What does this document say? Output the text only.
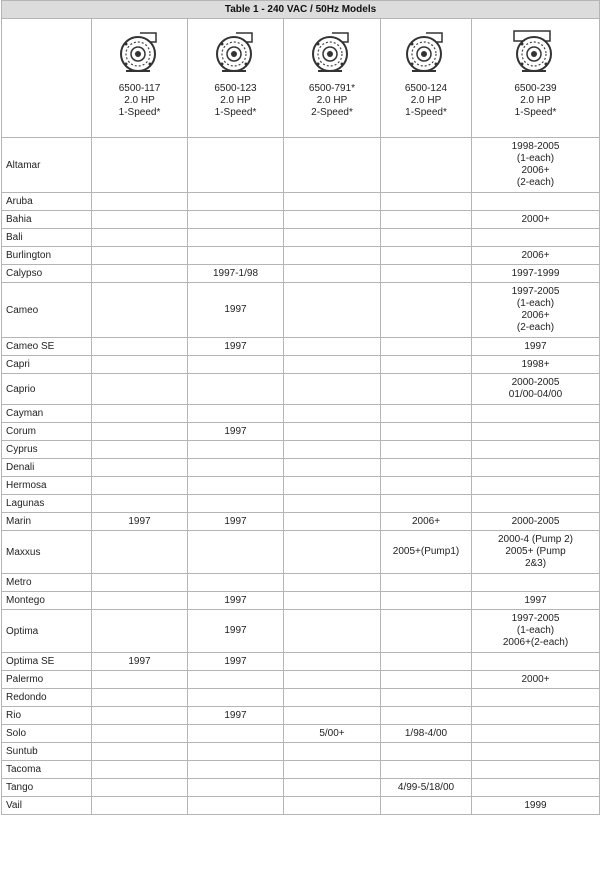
Table 1 - 240 VAC / 50Hz Models					

	6500-117
2.0 HP
1-Speed*	6500-123
2.0 HP
1-Speed*	6500-791*
2.0 HP
2-Speed*	6500-124
2.0 HP
1-Speed*	6500-239
2.0 HP
1-Speed*

Altamar					1998-2005
(1-each)
2006+
(2-each)
Aruba					
Bahia					2000+
Bali					
Burlington					2006+
Calypso		1997-1/98			1997-1999
Cameo		1997			1997-2005
(1-each)
2006+
(2-each)
Cameo SE		1997			1997
Capri					1998+
Caprio					2000-2005
01/00-04/00
Cayman					
Corum		1997			
Cyprus					
Denali					
Hermosa					
Lagunas					
Marin	1997	1997		2006+	2000-2005
Maxxus				2005+(Pump1)	2000-4 (Pump 2)
2005+ (Pump
2&3)
Metro					
Montego		1997			1997
Optima		1997			1997-2005
(1-each)
2006+(2-each)
Optima SE	1997	1997			
Palermo					2000+
Redondo					
Rio		1997			
Solo			5/00+	1/98-4/00	
Suntub					
Tacoma					
Tango				4/99-5/18/00	
Vail					1999
